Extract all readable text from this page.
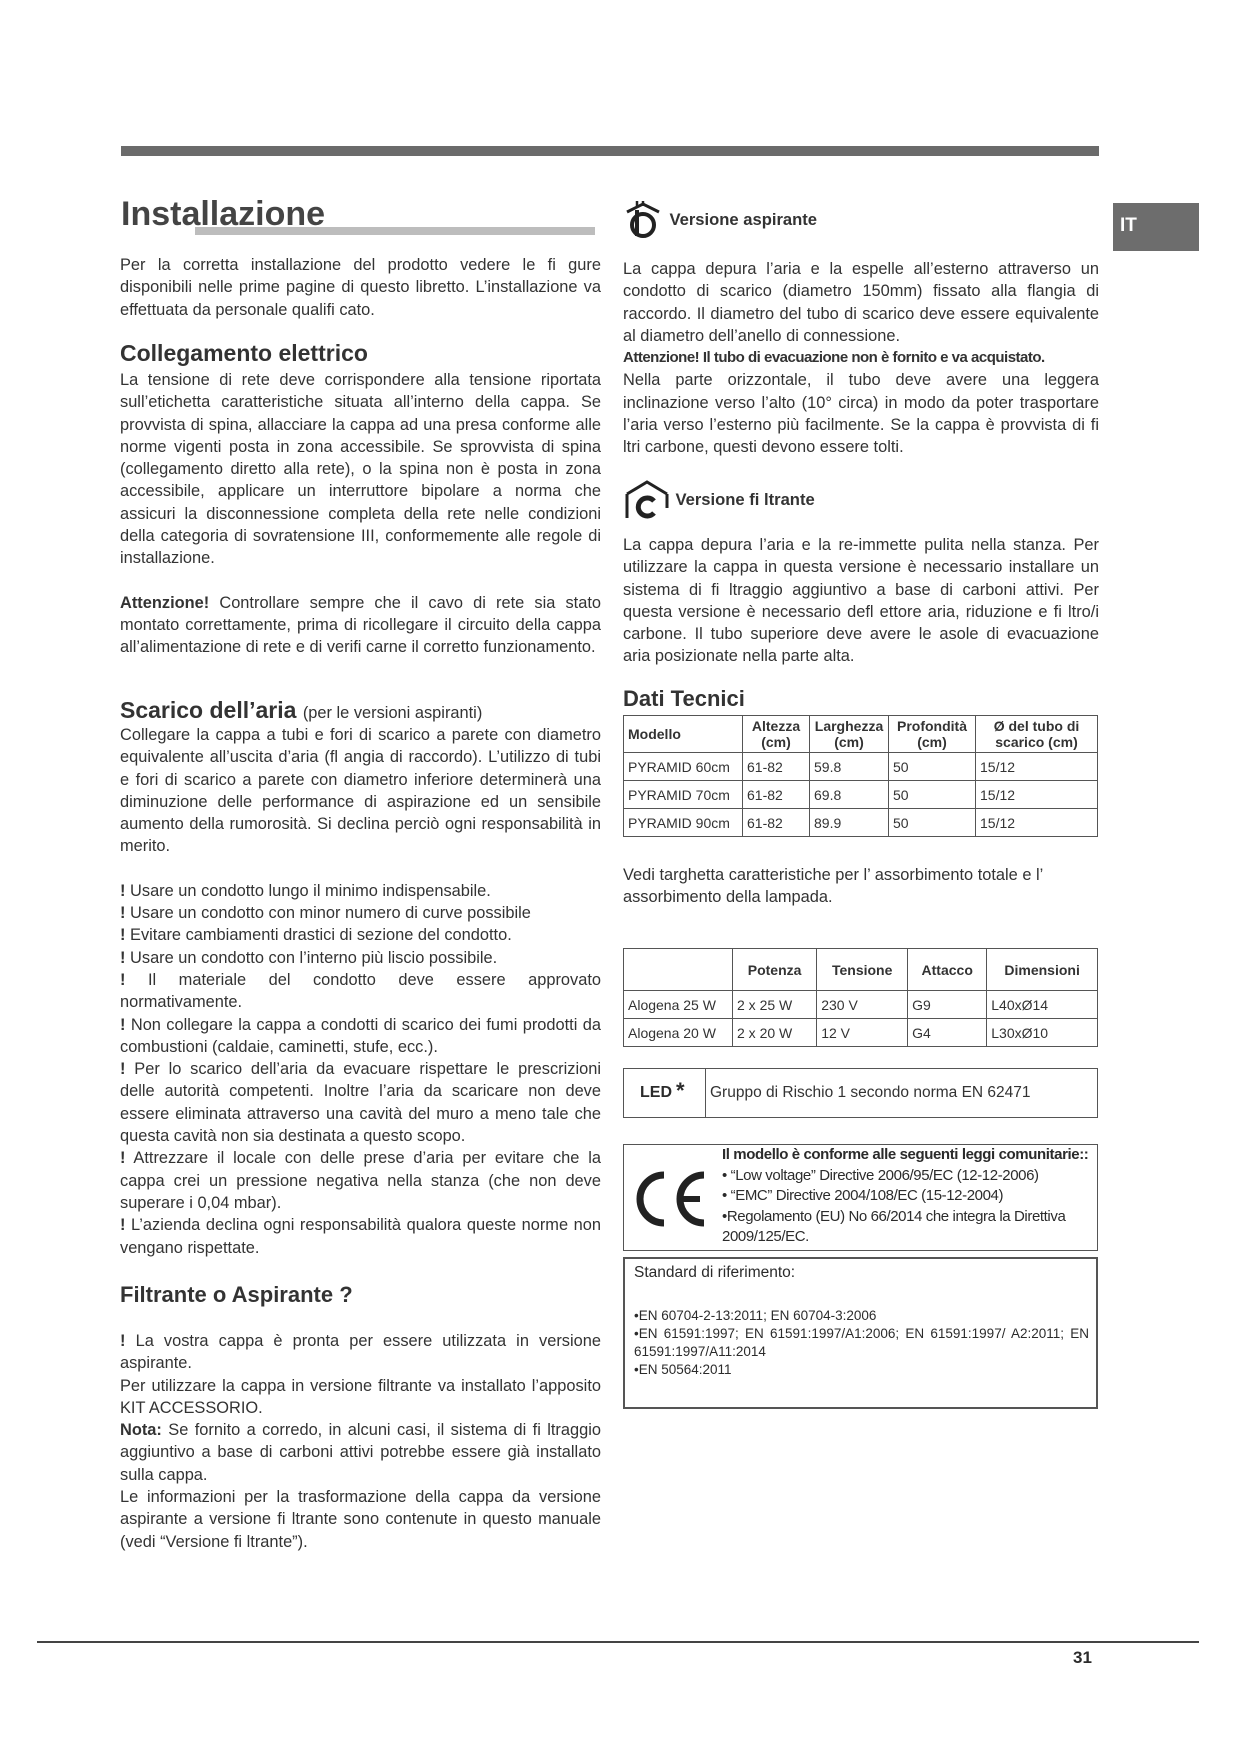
IT
Installazione
Per la corretta installazione del prodotto vedere le fi gure disponibili nelle prime pagine di questo libretto. L’installazione va effettuata da personale qualifi cato.
Collegamento elettrico
La tensione di rete deve corrispondere alla tensione riportata sull’etichetta caratteristiche situata all’interno della cappa. Se provvista di spina, allacciare la cappa ad una presa conforme alle norme vigenti posta in zona accessibile. Se sprovvista di spina (collegamento diretto alla rete), o la spina non è posta in zona accessibile, applicare un interruttore bipolare a norma che assicuri la disconnessione completa della rete nelle condizioni della categoria di sovratensione III, conformemente alle regole di installazione.
Attenzione! Controllare sempre che il cavo di rete sia stato montato correttamente, prima di ricollegare il circuito della cappa all’alimentazione di rete e di verifi carne il corretto funzionamento.
Scarico dell’aria (per le versioni aspiranti)
Collegare la cappa a tubi e fori di scarico a parete con diametro equivalente all’uscita d’aria (fl angia di raccordo). L’utilizzo di tubi e fori di scarico a parete con diametro inferiore determinerà una diminuzione delle performance di aspirazione ed un sensibile aumento della rumorosità. Si declina perciò ogni responsabilità in merito.
! Usare un condotto lungo il minimo indispensabile.
! Usare un condotto con minor numero di curve possibile
! Evitare cambiamenti drastici di sezione del condotto.
! Usare un condotto con l’interno più liscio possibile.
! Il materiale del condotto deve essere approvato normativamente.
! Non collegare la cappa a condotti di scarico dei fumi prodotti da combustioni (caldaie, caminetti, stufe, ecc.).
! Per lo scarico dell’aria da evacuare rispettare le prescrizioni delle autorità competenti. Inoltre l’aria da scaricare non deve essere eliminata attraverso una cavità del muro a meno tale che questa cavità non sia destinata a questo scopo.
! Attrezzare il locale con delle prese d’aria per evitare che la cappa crei un pressione negativa nella stanza (che non deve superare i 0,04 mbar).
! L’azienda declina ogni responsabilità qualora queste norme non vengano rispettate.
Filtrante o Aspirante ?
! La vostra cappa è pronta per essere utilizzata in versione aspirante.
Per utilizzare la cappa in versione filtrante va installato l’apposito KIT ACCESSORIO.
Nota: Se fornito a corredo, in alcuni casi, il sistema di fi ltraggio aggiuntivo a base di carboni attivi potrebbe essere già installato sulla cappa.
Le informazioni per la trasformazione della cappa da versione aspirante a versione fi ltrante sono contenute in questo manuale (vedi “Versione fi ltrante”).
Versione aspirante
La cappa depura l’aria e la espelle all’esterno attraverso un condotto di scarico (diametro 150mm) fissato alla flangia di raccordo. Il diametro del tubo di scarico deve essere equivalente al diametro dell’anello di connessione.
Attenzione! Il tubo di evacuazione non è fornito e va acquistato.
Nella parte orizzontale, il tubo deve avere una leggera inclinazione verso l’alto (10° circa) in modo da poter trasportare l’aria verso l’esterno più facilmente. Se la cappa è provvista di fi ltri carbone, questi devono essere tolti.
Versione fi ltrante
La cappa depura l’aria e la re-immette pulita nella stanza. Per utilizzare la cappa in questa versione è necessario installare un sistema di fi ltraggio aggiuntivo a base di carboni attivi. Per questa versione è necessario defl ettore aria, riduzione e fi ltro/i carbone. Il tubo superiore deve avere le asole di evacuazione aria posizionate nella parte alta.
Dati Tecnici
Modello	Altezza (cm)	Larghezza (cm)	Profondità (cm)	Ø del tubo di scarico (cm)
PYRAMID 60cm	61-82	59.8	50	15/12
PYRAMID 70cm	61-82	69.8	50	15/12
PYRAMID 90cm	61-82	89.9	50	15/12
Vedi targhetta caratteristiche per l’ assorbimento totale e l’ assorbimento della lampada.
	Potenza	Tensione	Attacco	Dimensioni
Alogena 25 W	2 x 25 W	230 V	G9	L40xØ14
Alogena 20 W	2 x 20 W	12 V	G4	L30xØ10
LED * Gruppo di Rischio 1 secondo norma EN 62471
Il modello è conforme alle seguenti leggi comunitarie::
• “Low voltage” Directive 2006/95/EC (12-12-2006)
• “EMC” Directive 2004/108/EC (15-12-2004)
•Regolamento (EU) No 66/2014 che integra la Direttiva 2009/125/EC.
Standard di riferimento:
•EN 60704-2-13:2011; EN 60704-3:2006
•EN 61591:1997; EN 61591:1997/A1:2006; EN 61591:1997/ A2:2011; EN 61591:1997/A11:2014
•EN 50564:2011
31
